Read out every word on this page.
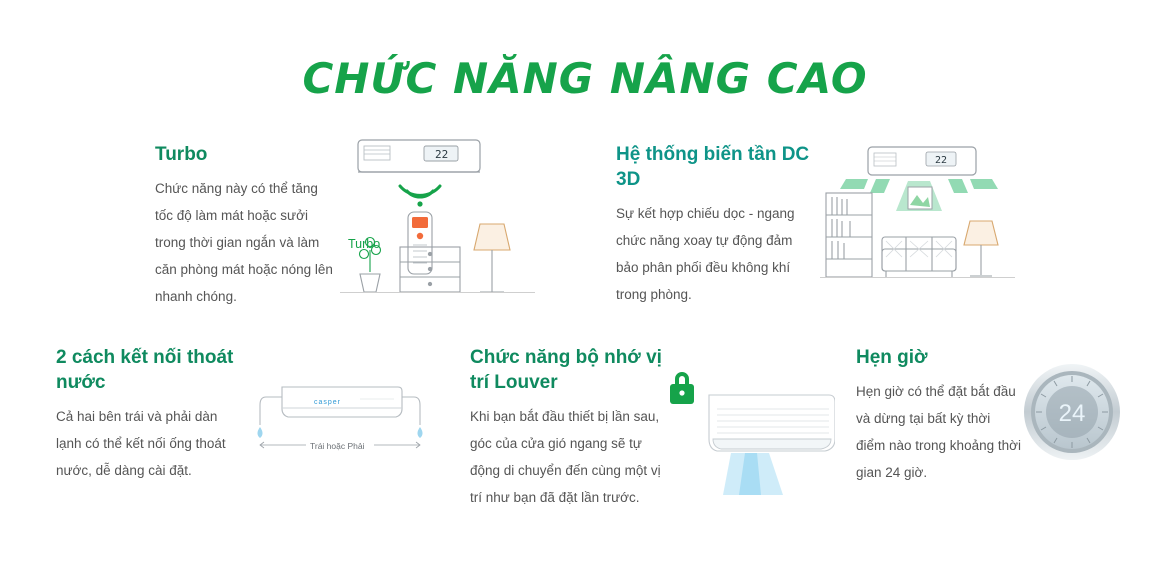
CHỨC NĂNG NÂNG CAO
Turbo
Chức năng này có thể tăng tốc độ làm mát hoặc sưởi trong thời gian ngắn và làm căn phòng mát hoặc nóng lên nhanh chóng.
22
Turbo
Hệ thống biến tần DC 3D
Sự kết hợp chiếu dọc - ngang chức năng xoay tự động đảm bảo phân phối đều không khí trong phòng.
22
2 cách kết nối thoát nước
Cả hai bên trái và phải dàn lạnh có thể kết nối ống thoát nước, dễ dàng cài đặt.
casper
Trái hoặc Phải
Chức năng bộ nhớ vị trí Louver
Khi bạn bắt đầu thiết bị lần sau, góc của cửa gió ngang sẽ tự động di chuyển đến cùng một vị trí như bạn đã đặt lần trước.
Hẹn giờ
Hẹn giờ có thể đặt bắt đầu và dừng tại bất kỳ thời điểm nào trong khoảng thời gian 24 giờ.
24
